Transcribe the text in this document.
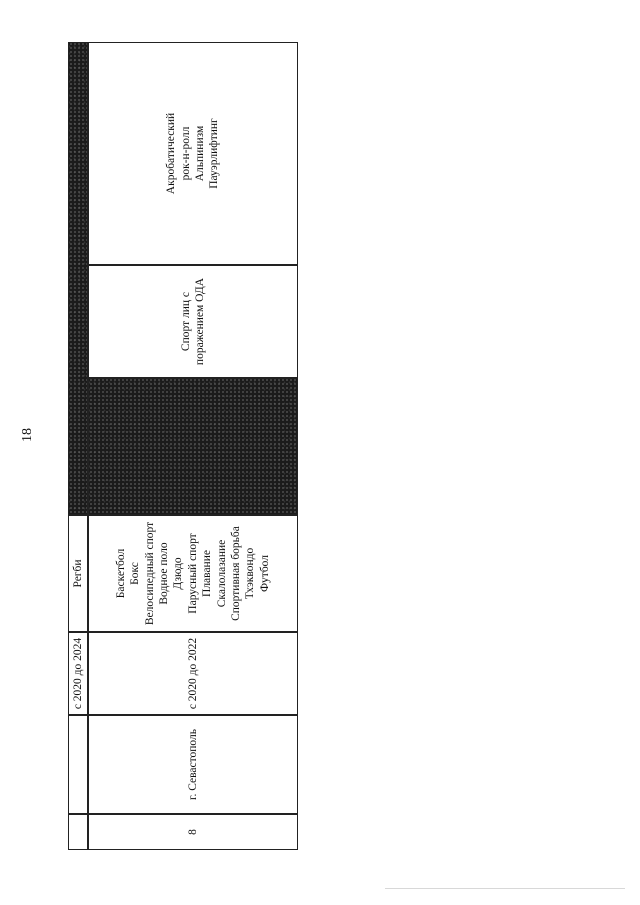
18
с 2020 до 2024
Регби
8
г. Севастополь
с 2020 до 2022
Баскетбол Бокс Велосипедный спорт Водное поло Дзюдо Парусный спорт Плавание Скалолазание Спортивная борьба Тхэквондо Футбол
Спорт лиц с поражением ОДА
Акробатический рок-н-ролл Альпинизм Пауэрлифтинг
